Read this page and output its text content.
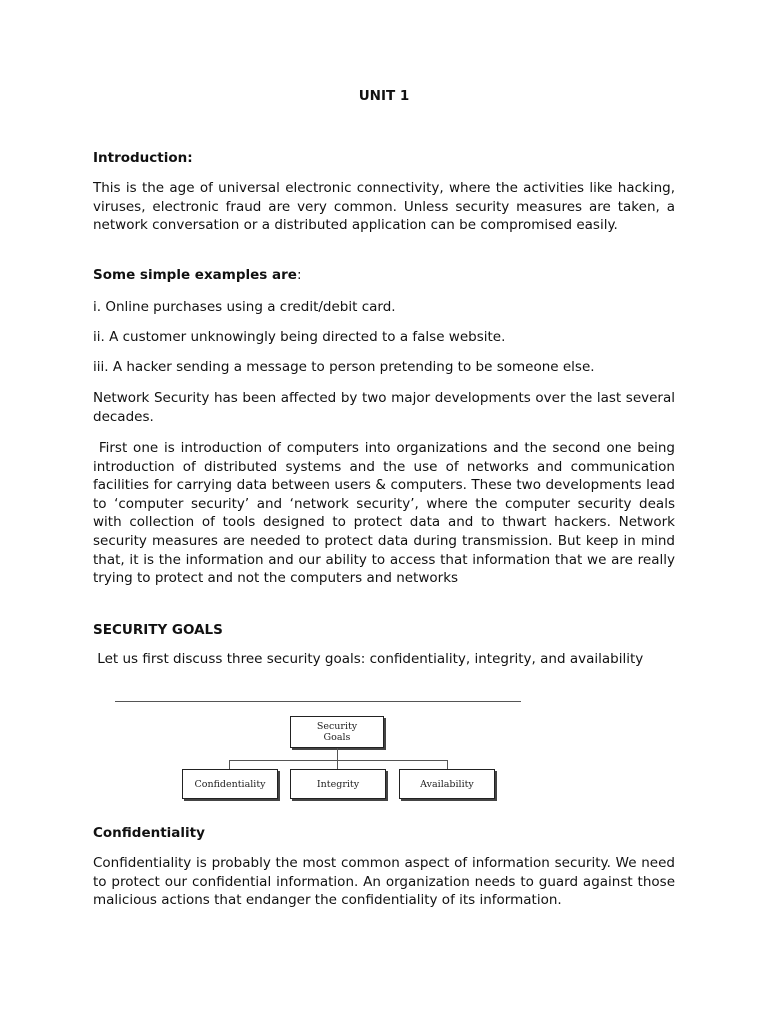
UNIT 1
Introduction:
This is the age of universal electronic connectivity, where the activities like hacking, viruses, electronic fraud are very common. Unless security measures are taken, a network conversation or a distributed application can be compromised easily.
Some simple examples are:
i. Online purchases using a credit/debit card.
ii. A customer unknowingly being directed to a false website.
iii. A hacker sending a message to person pretending to be someone else.
Network Security has been affected by two major developments over the last several decades.
First one is introduction of computers into organizations and the second one being introduction of distributed systems and the use of networks and communication facilities for carrying data between users & computers. These two developments lead to ‘computer security’ and ‘network security’, where the computer security deals with collection of tools designed to protect data and to thwart hackers. Network security measures are needed to protect data during transmission. But keep in mind that, it is the information and our ability to access that information that we are really trying to protect and not the computers and networks
SECURITY GOALS
Let us first discuss three security goals: confidentiality, integrity, and availability
Security
Goals
Confidentiality	Integrity	Availability
Confidentiality
Confidentiality is probably the most common aspect of information security. We need to protect our confidential information. An organization needs to guard against those malicious actions that endanger the confidentiality of its information.
